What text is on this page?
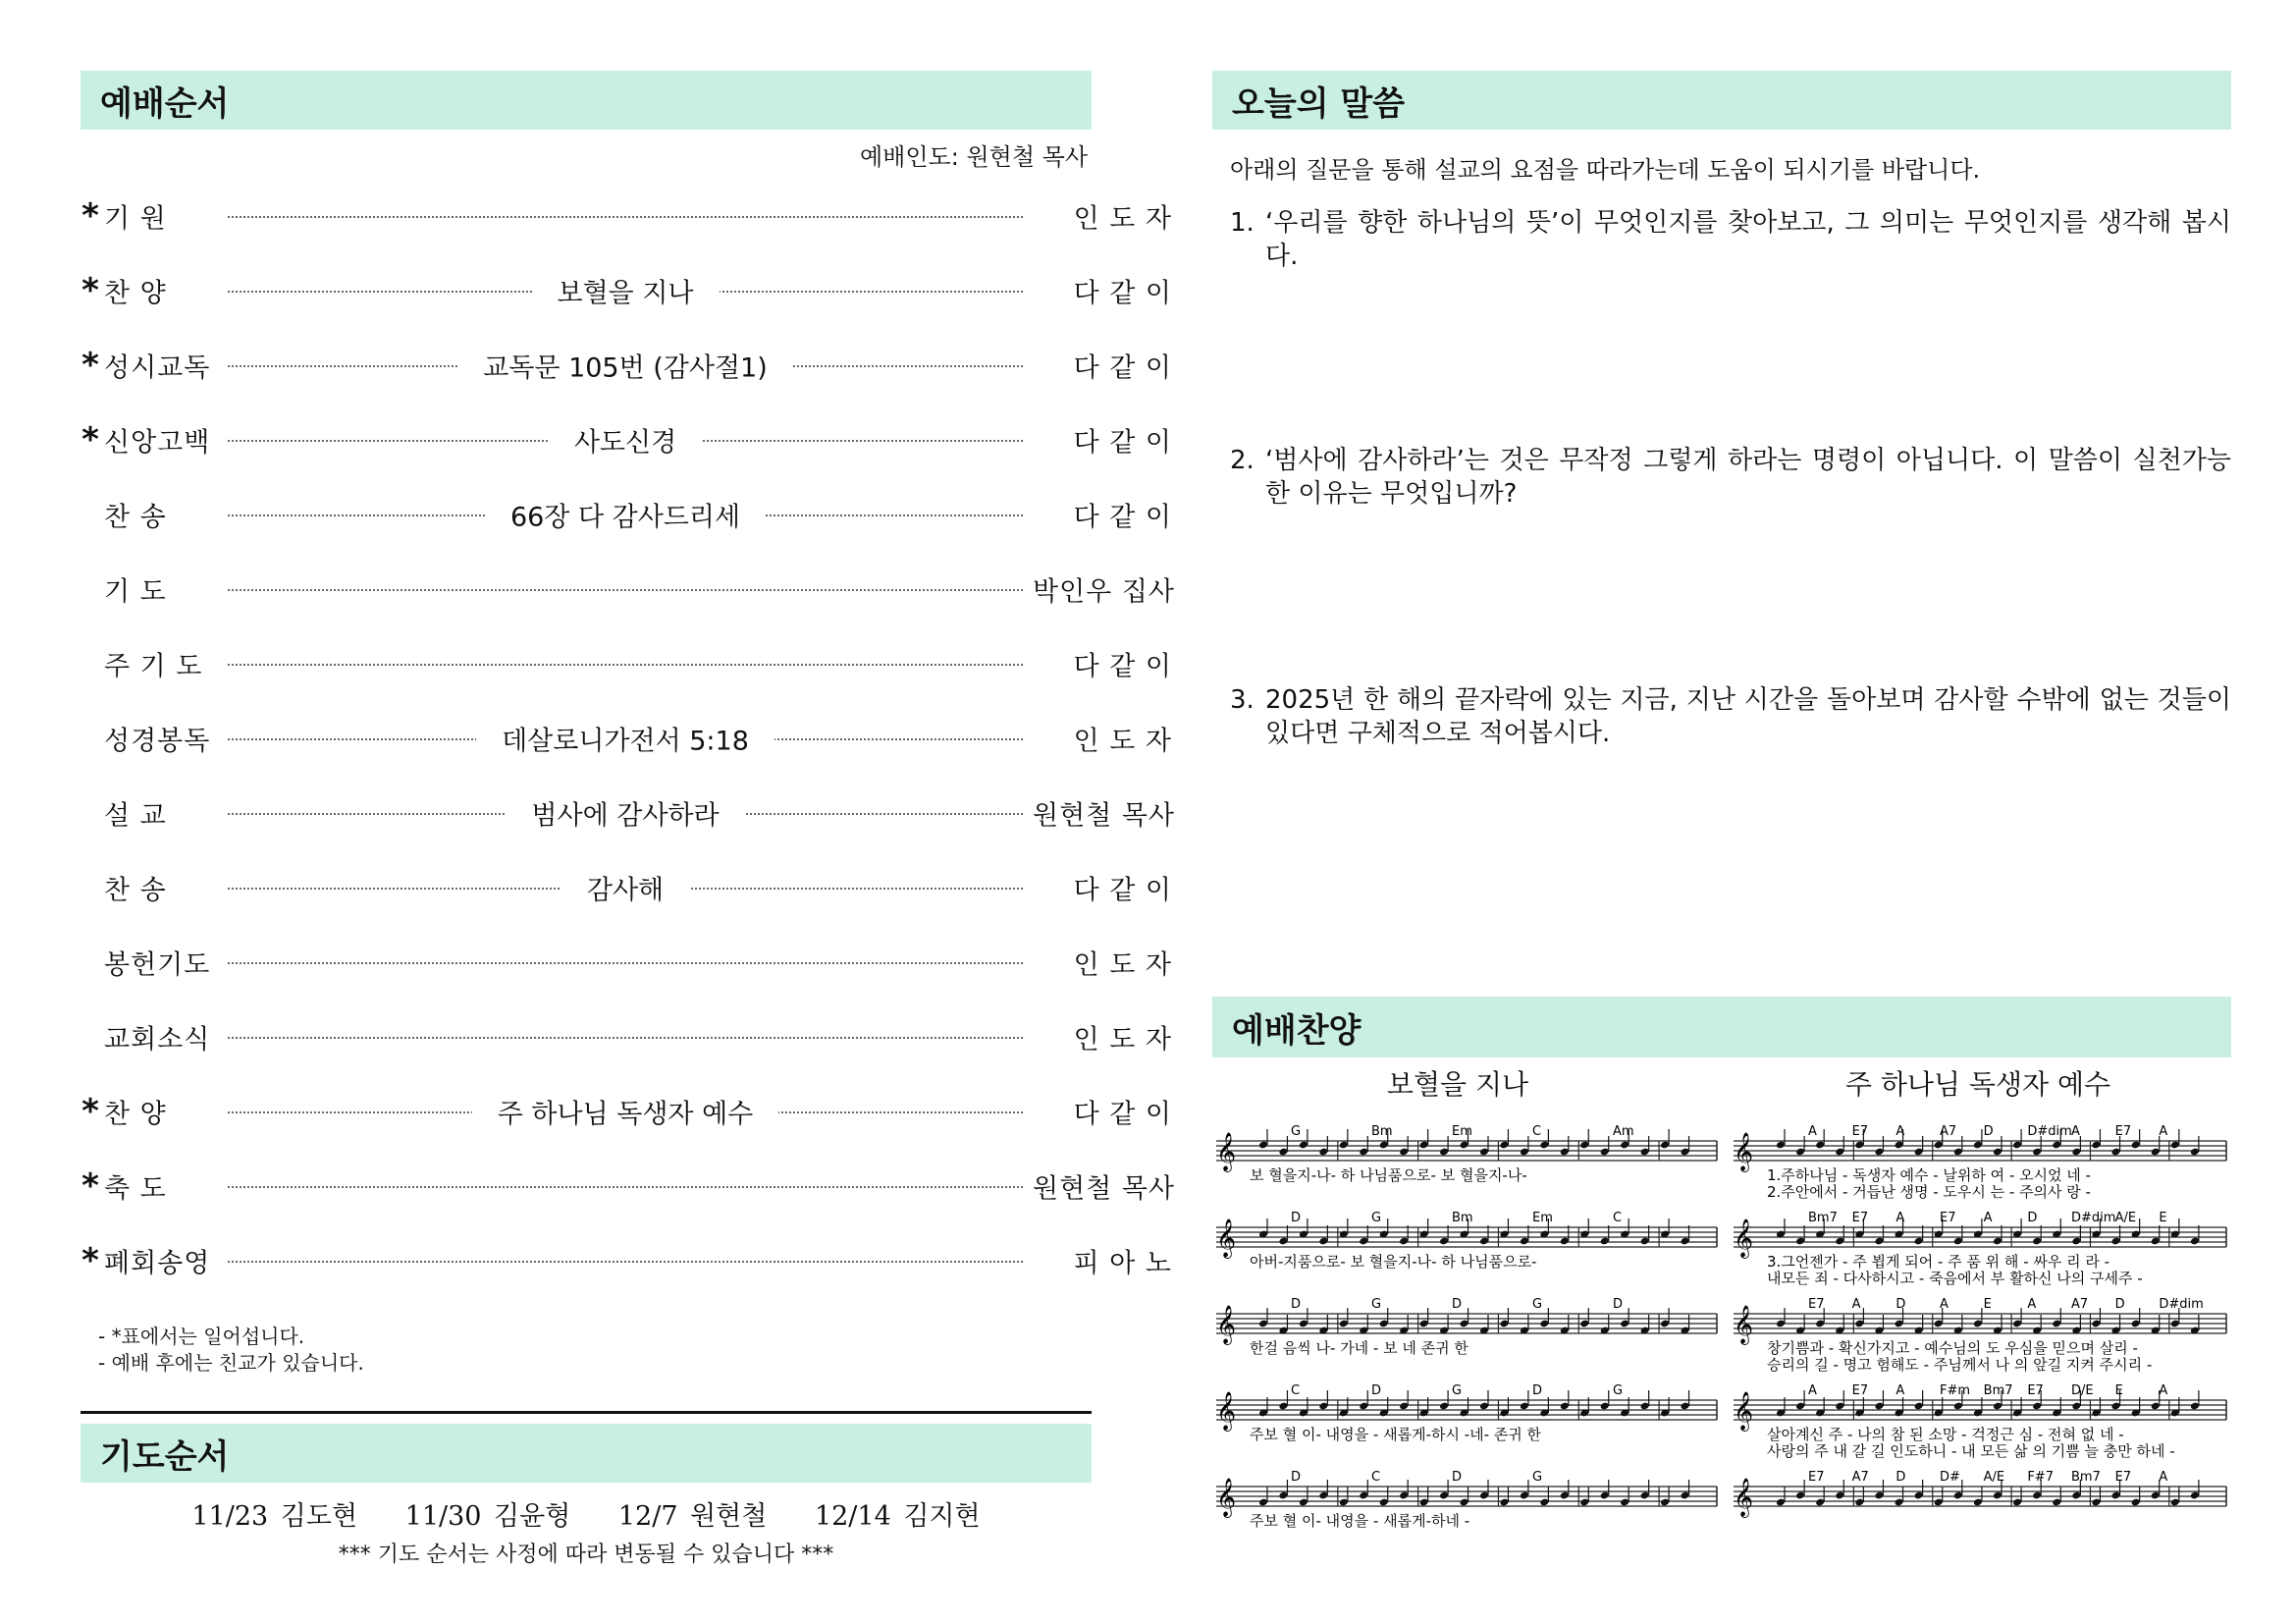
예배순서
예배인도: 원현철 목사
* 기 원	인 도 자
* 찬 양	보혈을 지나	다 같 이
* 성시교독	교독문 105번 (감사절1)	다 같 이
* 신앙고백	사도신경	다 같 이
찬 송	66장 다 감사드리세	다 같 이
기 도	박인우 집사
주 기 도	다 같 이
성경봉독	데살로니가전서 5:18	인 도 자
설 교	범사에 감사하라	원현철 목사
찬 송	감사해	다 같 이
봉헌기도	인 도 자
교회소식	인 도 자
* 찬 양	주 하나님 독생자 예수	다 같 이
* 축 도	원현철 목사
* 폐회송영	피 아 노
- *표에서는 일어섭니다.
- 예배 후에는 친교가 있습니다.
기도순서
11/23 김도현 11/30 김윤형 12/7 원현철 12/14 김지현
*** 기도 순서는 사정에 따라 변동될 수 있습니다 ***
오늘의 말씀
아래의 질문을 통해 설교의 요점을 따라가는데 도움이 되시기를 바랍니다.
1. ‘우리를 향한 하나님의 뜻’이 무엇인지를 찾아보고, 그 의미는 무엇인지를 생각해 봅시다.
2. ‘범사에 감사하라’는 것은 무작정 그렇게 하라는 명령이 아닙니다. 이 말씀이 실천가능한 이유는 무엇입니까?
3. 2025년 한 해의 끝자락에 있는 지금, 지난 시간을 돌아보며 감사할 수밖에 없는 것들이 있다면 구체적으로 적어봅시다.
예배찬양
보혈을 지나	주 하나님 독생자 예수
𝄞
G	Bm	Em	C	Am
보 혈을지-나- 하 나님품으로- 보 혈을지-나-
𝄞
D	G	Bm	Em	C
아버-지품으로- 보 혈을지-나- 하 나님품으로-
𝄞
D	G	D	G	D
한걸 음씩 나- 가네 - 보 네 존귀 한
𝄞
C	D	G	D	G
주보 혈 이- 내영을 - 새롭게-하시 -네- 존귀 한
𝄞
D	C	D	G
주보 혈 이- 내영을 - 새롭게-하네 -
𝄞
A	E7 A	A7 D	D#dim A	E7 A
1.주하나님 - 독생자 예수 - 날위하 여 - 오시었 네 -
2.주안에서 - 거듭난 생명 - 도우시 는 - 주의사 랑 -
𝄞
Bm7 E7 A	E7 A	D	D#dim A/E E
3.그언젠가 - 주 뵙게 되어 - 주 품 위 해 - 싸우 리 라 -
내모든 죄 - 다사하시고 - 죽음에서 부 활하신 나의 구세주 -
𝄞
E7 A	D	A	E	A	A7 D	D#dim
창기쁨과 - 확신가지고 - 예수님의 도 우심을 믿으며 살리 -
승리의 길 - 명고 험해도 - 주님께서 나 의 앞길 지켜 주시리 -
𝄞
A	E7 A	F#m Bm7 E7 D/E E	A
살아계신 주 - 나의 참 된 소망 - 걱정근 심 - 전혀 없 네 -
사랑의 주 내 갈 길 인도하니 - 내 모든 삶 의 기쁨 늘 충만 하네 -
𝄞
E7 A7 D	D# A/E F#7 Bm7 E7 A
